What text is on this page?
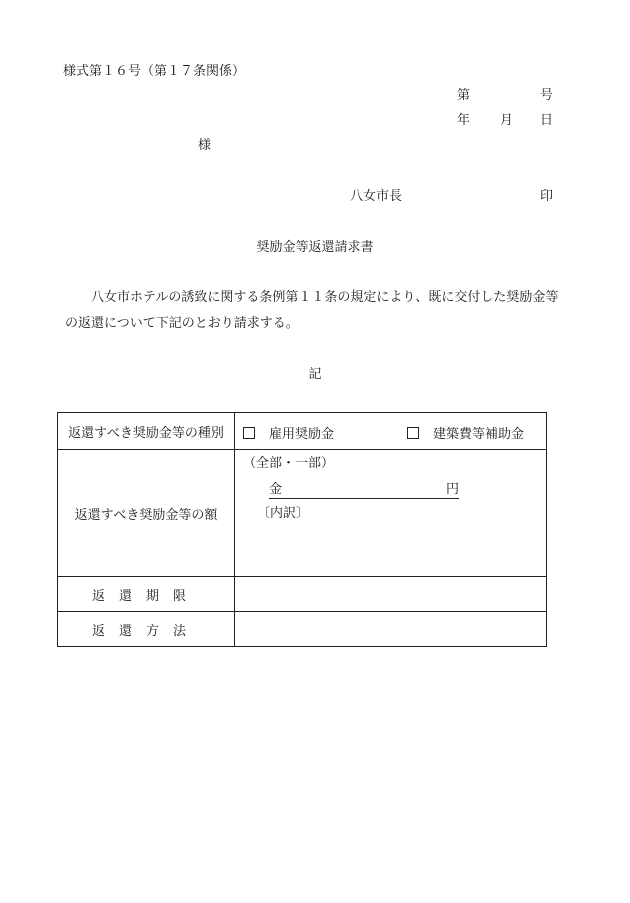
様式第１６号（第１７条関係）
第	号
年 月 日
様
八女市長	印
奨励金等返還請求書
八女市ホテルの誘致に関する条例第１１条の規定により、既に交付した奨励金等の返還について下記のとおり請求する。
記
返還すべき奨励金等の種別	雇用奨励金 建築費等補助金

返還すべき奨励金等の額	（全部・一部）
金 円
〔内訳〕

返還期限	
返還方法	
